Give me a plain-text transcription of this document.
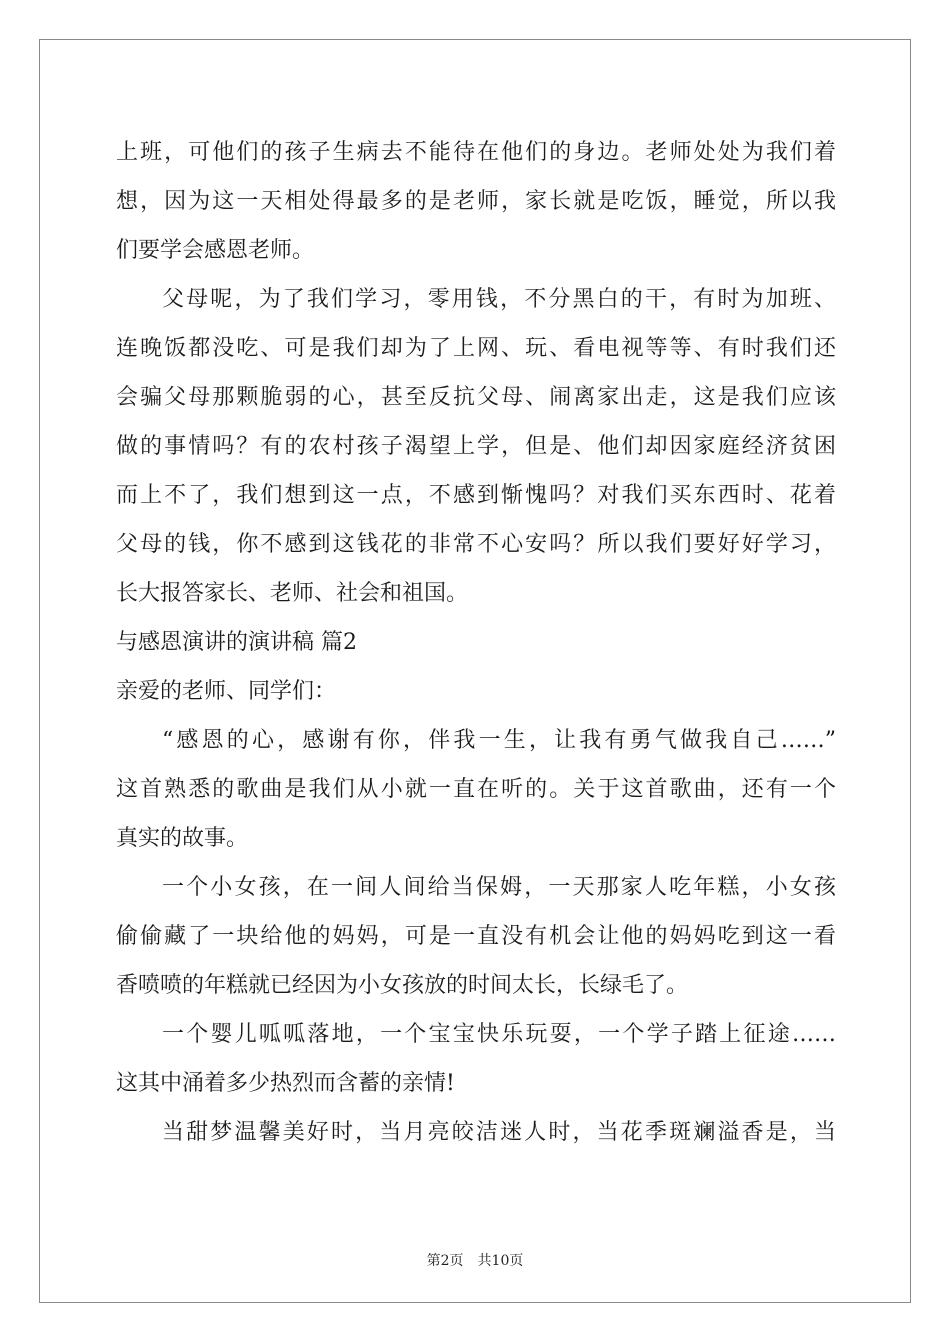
上班，可他们的孩子生病去不能待在他们的身边。老师处处为我们着
想，因为这一天相处得最多的是老师，家长就是吃饭，睡觉，所以我
们要学会感恩老师。
父母呢，为了我们学习，零用钱，不分黑白的干，有时为加班、
连晚饭都没吃、可是我们却为了上网、玩、看电视等等、有时我们还
会骗父母那颗脆弱的心，甚至反抗父母、闹离家出走，这是我们应该
做的事情吗？有的农村孩子渴望上学，但是、他们却因家庭经济贫困
而上不了，我们想到这一点，不感到惭愧吗？对我们买东西时、花着
父母的钱，你不感到这钱花的非常不心安吗？所以我们要好好学习，
长大报答家长、老师、社会和祖国。
与感恩演讲的演讲稿 篇2
亲爱的老师、同学们：
“感恩的心，感谢有你，伴我一生，让我有勇气做我自己……”
这首熟悉的歌曲是我们从小就一直在听的。关于这首歌曲，还有一个
真实的故事。
一个小女孩，在一间人间给当保姆，一天那家人吃年糕，小女孩
偷偷藏了一块给他的妈妈，可是一直没有机会让他的妈妈吃到这一看
香喷喷的年糕就已经因为小女孩放的时间太长，长绿毛了。
一个婴儿呱呱落地，一个宝宝快乐玩耍，一个学子踏上征途……
这其中涌着多少热烈而含蓄的亲情!
当甜梦温馨美好时，当月亮皎洁迷人时，当花季斑斓溢香是，当
第2页 共10页
